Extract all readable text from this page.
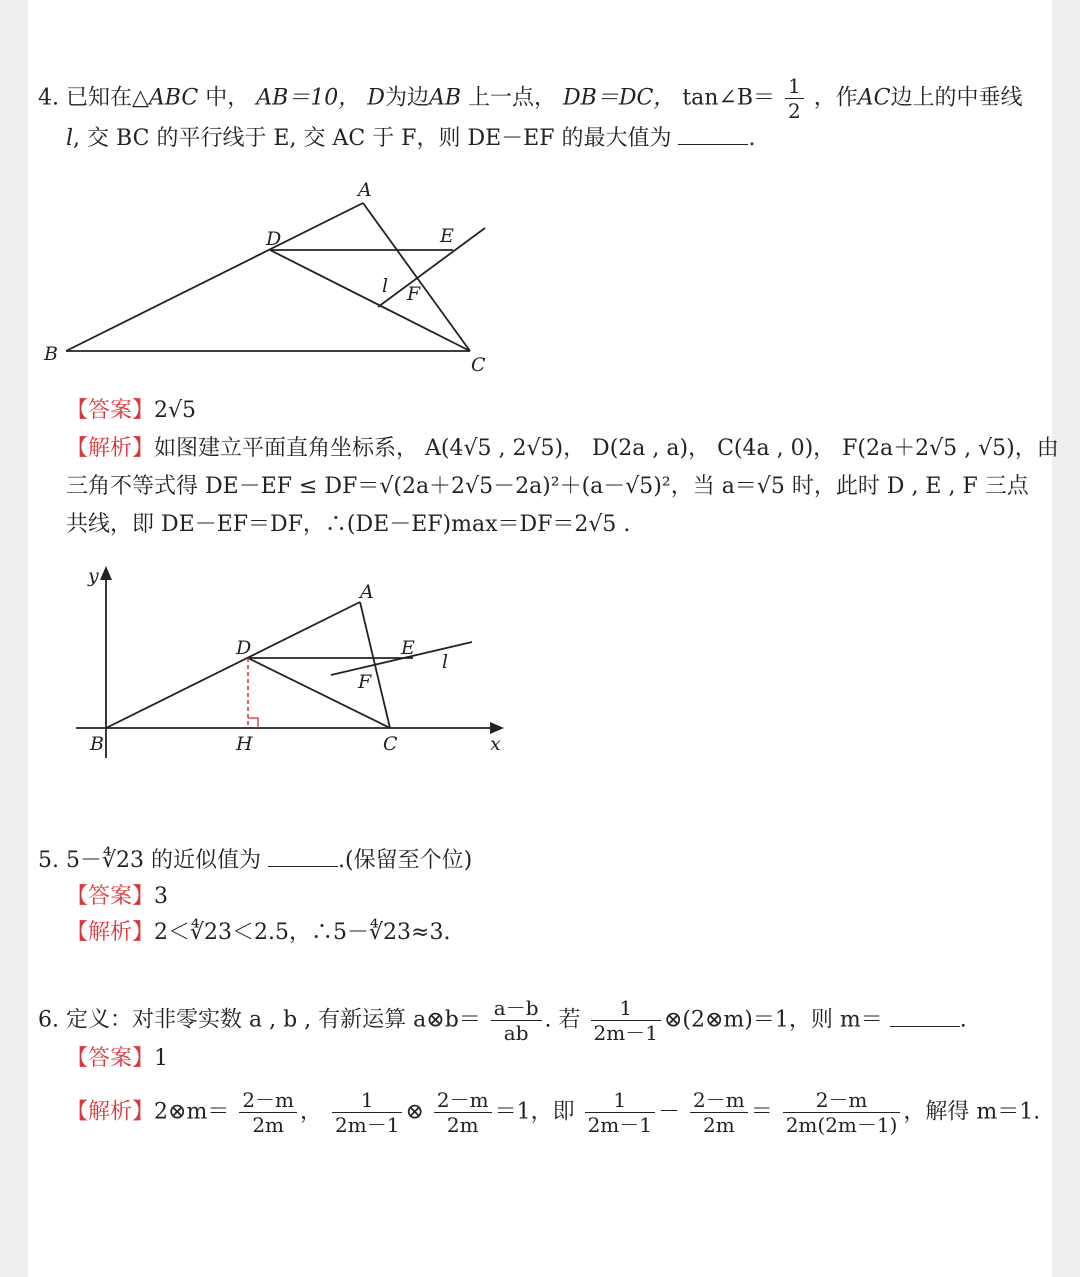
4. 已知在△ABC 中， AB＝10， D为边AB 上一点， DB＝DC， tan∠B＝ $\frac{1}{2}$ ，作AC边上的中垂线
l, 交 BC 的平行线于 E, 交 AC 于 F，则 DE－EF 的最大值为	.
A
B	C
D	E
F
l
【答案】2√5
【解析】如图建立平面直角坐标系， A(4√5 , 2√5)， D(2a , a)， C(4a , 0)， F(2a＋2√5 , √5)，由
三角不等式得 DE－EF ≤ DF＝√(2a＋2√5－2a)²＋(a－√5)²，当 a＝√5 时，此时 D , E , F 三点
共线，即 DE－EF＝DF，∴(DE－EF)max＝DF＝2√5 .
y
A
D	E
l
F
B	H	C	x
5. 5－∜23 的近似值为	.(保留至个位)
【答案】3
【解析】2＜∜23＜2.5，∴5－∜23≈3.
6. 定义：对非零实数 a , b , 有新运算 a⊗b＝ $\frac{a-b}{ab}$ . 若 $\frac{1}{2m-1}$ ⊗(2⊗m)＝1，则 m＝	.
【答案】1
【解析】2⊗m＝ $\frac{2-m}{2m}$ ， $\frac{1}{2m-1}$ ⊗ $\frac{2-m}{2m} =1$，即 $\frac{1}{2m-1} - \frac{2-m}{2m} = \frac{2-m}{2m(2m-1)}$ ，解得 m＝1.
